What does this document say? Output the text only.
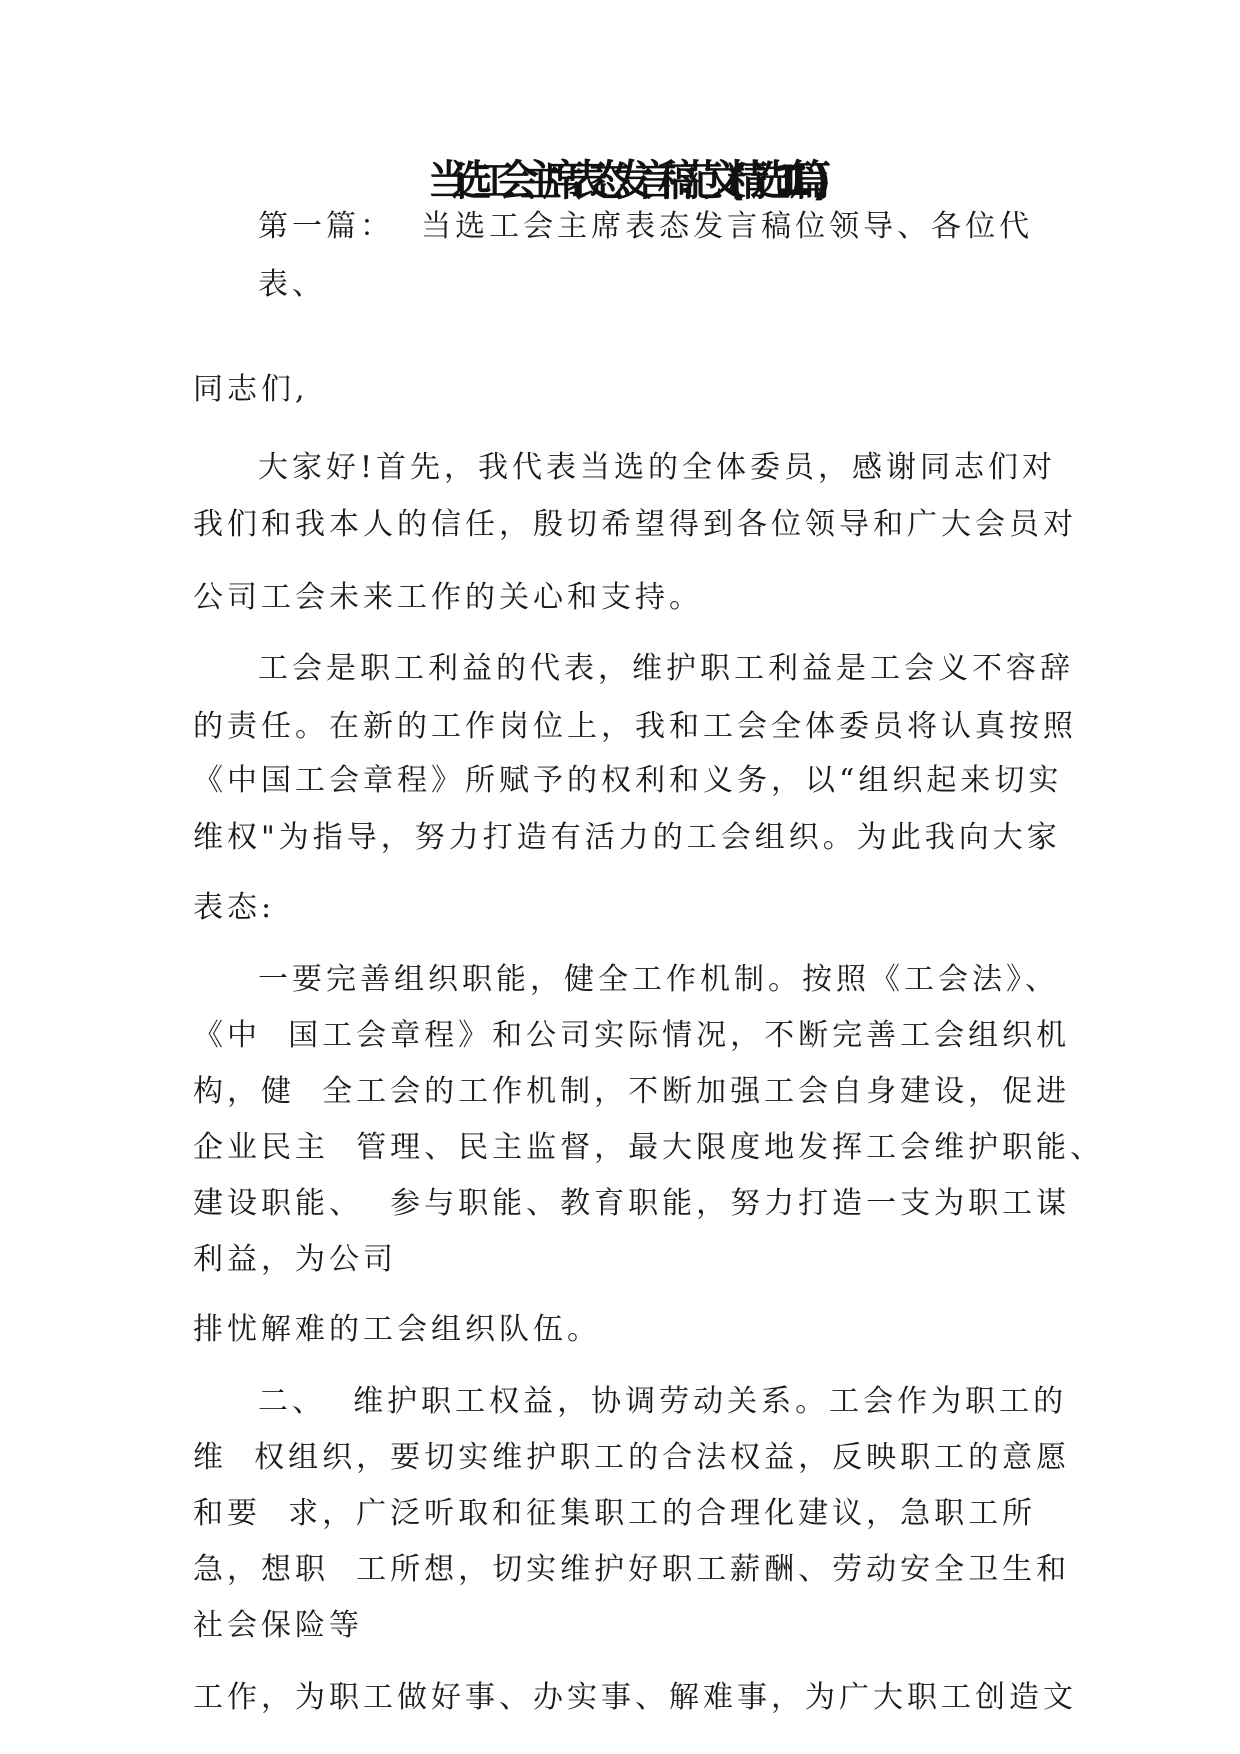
当选工会主席表态发言稿范文(精选11 篇)
第一篇：  当选工会主席表态发言稿位领导、各位代
表、
同志们,
大家好!首先，我代表当选的全体委员，感谢同志们对
我们和我本人的信任，殷切希望得到各位领导和广大会员对
公司工会未来工作的关心和支持。
工会是职工利益的代表，维护职工利益是工会义不容辞
的责任。在新的工作岗位上，我和工会全体委员将认真按照
《中国工会章程》所赋予的权利和义务，以“组织起来切实
维权"为指导，努力打造有活力的工会组织。为此我向大家
表态:
一要完善组织职能，健全工作机制。按照《工会法》、
《中  国工会章程》和公司实际情况，不断完善工会组织机
构，健  全工会的工作机制，不断加强工会自身建设，促进
企业民主  管理、民主监督，最大限度地发挥工会维护职能、
建设职能、  参与职能、教育职能，努力打造一支为职工谋
利益，为公司
排忧解难的工会组织队伍。
二、  维护职工权益，协调劳动关系。工会作为职工的
维  权组织，要切实维护职工的合法权益，反映职工的意愿
和要  求，广泛听取和征集职工的合理化建议，急职工所
急，想职  工所想，切实维护好职工薪酬、劳动安全卫生和
社会保险等
工作，为职工做好事、办实事、解难事，为广大职工创造文
